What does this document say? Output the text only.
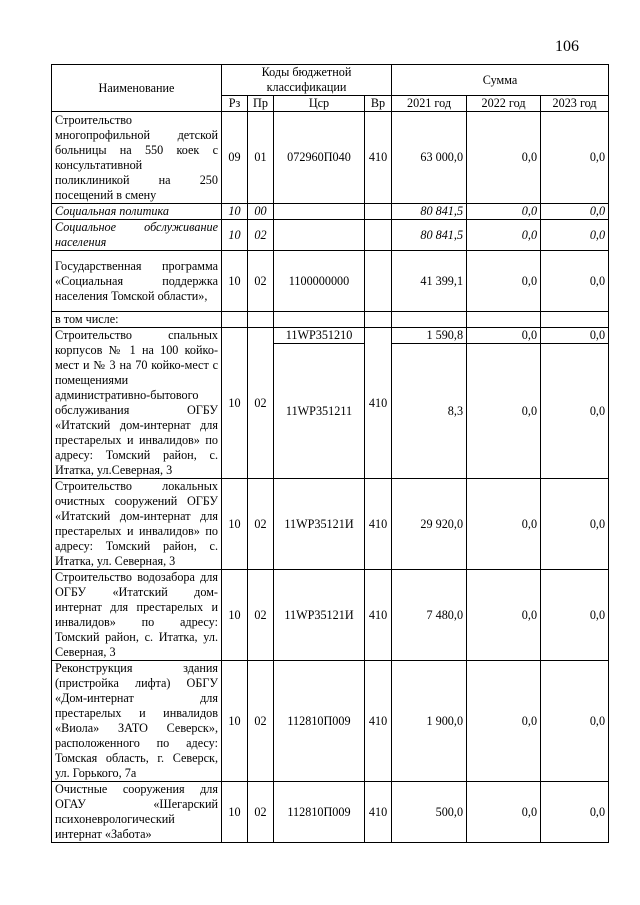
106
Наименование	Коды бюджетной классификации				Сумма		
	Рз	Пр	Цср	Вр	2021 год	2022 год	2023 год
Строительство многопрофильной детской больницы на 550 коек с консультативной поликлиникой на 250 посещений в смену	09	01	072960П040	410	63 000,0	0,0	0,0
Социальная политика	10	00			80 841,5	0,0	0,0
Социальное обслуживание населения	10	02			80 841,5	0,0	0,0
Государственная программа «Социальная поддержка населения Томской области»,	10	02	1100000000		41 399,1	0,0	0,0
в том числе:							
Строительство спальных корпусов № 1 на 100 койко-мест и № 3 на 70 койко-мест с помещениями административно-бытового обслуживания ОГБУ «Итатский дом-интернат для престарелых и инвалидов» по адресу: Томский район, с. Итатка, ул.Северная, 3	10	02	11WP351210	410	1 590,8	0,0	0,0
			11WP351211		8,3	0,0	0,0
Строительство локальных очистных сооружений ОГБУ «Итатский дом-интернат для престарелых и инвалидов» по адресу: Томский район, с. Итатка, ул. Северная, 3	10	02	11WP35121И	410	29 920,0	0,0	0,0
Строительство водозабора для ОГБУ «Итатский дом-интернат для престарелых и инвалидов» по адресу: Томский район, с. Итатка, ул. Северная, 3	10	02	11WP35121И	410	7 480,0	0,0	0,0
Реконструкция здания (пристройка лифта) ОБГУ «Дом-интернат для престарелых и инвалидов «Виола» ЗАТО Северск», расположенного по адесу: Томская область, г. Северск, ул. Горького, 7а	10	02	112810П009	410	1 900,0	0,0	0,0
Очистные сооружения для ОГАУ «Шегарский психоневрологический интернат «Забота»	10	02	112810П009	410	500,0	0,0	0,0
